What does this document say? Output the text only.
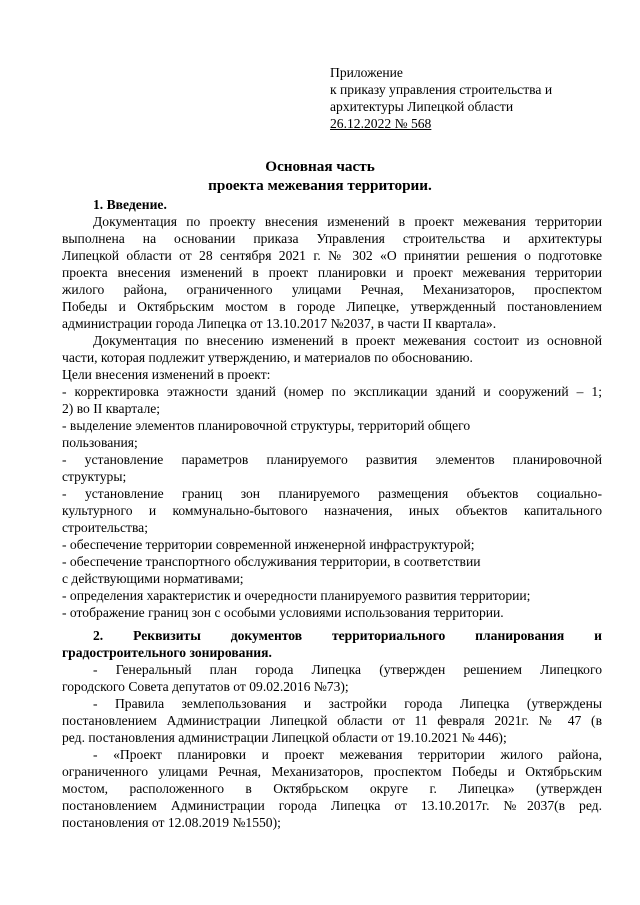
Приложение
к приказу управления строительства и
архитектуры Липецкой области
26.12.2022 № 568
Основная часть
проекта межевания территории.
1. Введение.
Документация по проекту внесения изменений в проект межевания территории
выполнена на основании приказа Управления строительства и архитектуры
Липецкой области от 28 сентября 2021 г. № 302 «О принятии решения о подготовке
проекта внесения изменений в проект планировки и проект межевания территории
жилого района, ограниченного улицами Речная, Механизаторов, проспектом
Победы и Октябрьским мостом в городе Липецке, утвержденный постановлением
администрации города Липецка от 13.10.2017 №2037, в части II квартала».
Документация по внесению изменений в проект межевания состоит из основной
части, которая подлежит утверждению, и материалов по обоснованию.
Цели внесения изменений в проект:
- корректировка этажности зданий (номер по экспликации зданий и сооружений – 1;
2) во II квартале;
- выделение элементов планировочной структуры, территорий общего
пользования;
- установление параметров планируемого развития элементов планировочной
структуры;
- установление границ зон планируемого размещения объектов социально-
культурного и коммунально-бытового назначения, иных объектов капитального
строительства;
- обеспечение территории современной инженерной инфраструктурой;
- обеспечение транспортного обслуживания территории, в соответствии
с действующими нормативами;
- определения характеристик и очередности планируемого развития территории;
- отображение границ зон с особыми условиями использования территории.
2. Реквизиты документов территориального планирования и
градостроительного зонирования.
- Генеральный план города Липецка (утвержден решением Липецкого
городского Совета депутатов от 09.02.2016 №73);
- Правила землепользования и застройки города Липецка (утверждены
постановлением Администрации Липецкой области от 11 февраля 2021г. № 47 (в
ред. постановления администрации Липецкой области от 19.10.2021 № 446);
- «Проект планировки и проект межевания территории жилого района,
ограниченного улицами Речная, Механизаторов, проспектом Победы и Октябрьским
мостом, расположенного в Октябрьском округе г. Липецка» (утвержден
постановлением Администрации города Липецка от 13.10.2017г. №2037(в ред.
постановления от 12.08.2019 №1550);
